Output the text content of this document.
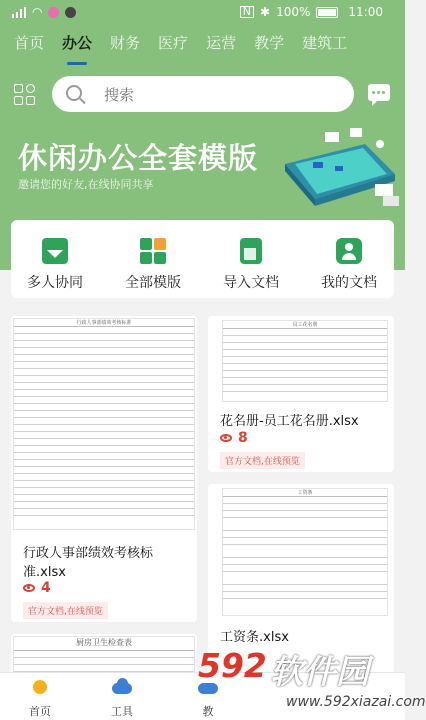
◠	N ✱ 100%	11:00
首页 办公 财务 医疗 运营 教学 建筑工
搜索
休闲办公全套模版
邀请您的好友,在线协同共享
多人协同	全部模版	导入文档	我的文档
行政人事部绩效考核标准
行政人事部绩效考核标准.xlsx
4
官方文档,在线预览
员工花名册
花名册-员工花名册.xlsx
8
官方文档,在线预览
厨房卫生检查表
工资条
工资条.xlsx
首页	工具	教
592 软件园
www.592xiazai.com
